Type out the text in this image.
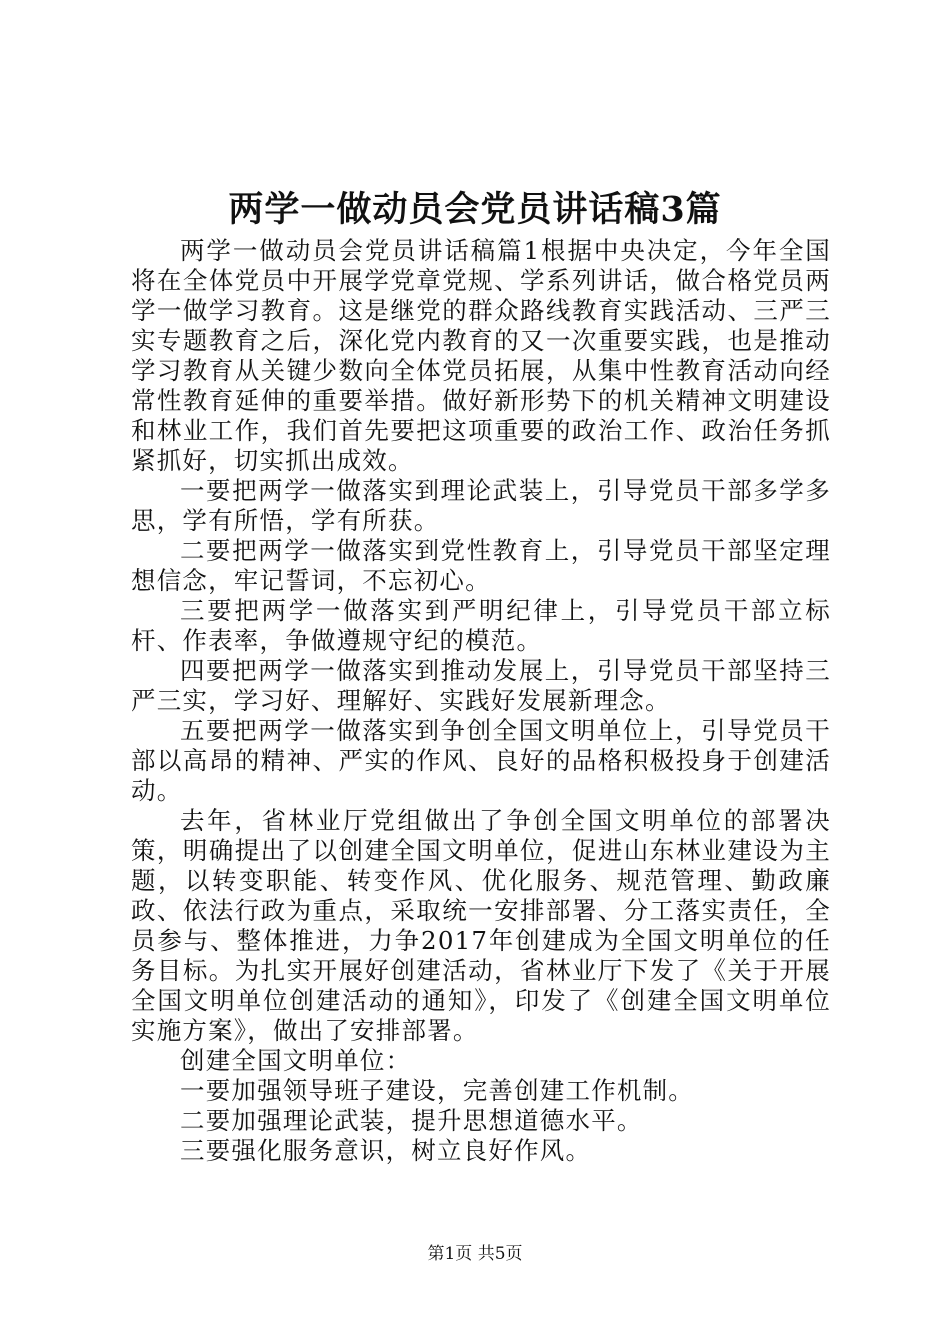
两学一做动员会党员讲话稿3篇

两学一做动员会党员讲话稿篇1根据中央决定，今年全国将在全体党员中开展学党章党规、学系列讲话，做合格党员两学一做学习教育。这是继党的群众路线教育实践活动、三严三实专题教育之后，深化党内教育的又一次重要实践，也是推动学习教育从关键少数向全体党员拓展，从集中性教育活动向经常性教育延伸的重要举措。做好新形势下的机关精神文明建设和林业工作，我们首先要把这项重要的政治工作、政治任务抓紧抓好，切实抓出成效。

一要把两学一做落实到理论武装上，引导党员干部多学多思，学有所悟，学有所获。

二要把两学一做落实到党性教育上，引导党员干部坚定理想信念，牢记誓词，不忘初心。

三要把两学一做落实到严明纪律上，引导党员干部立标杆、作表率，争做遵规守纪的模范。

四要把两学一做落实到推动发展上，引导党员干部坚持三严三实，学习好、理解好、实践好发展新理念。

五要把两学一做落实到争创全国文明单位上，引导党员干部以高昂的精神、严实的作风、良好的品格积极投身于创建活动。

去年，省林业厅党组做出了争创全国文明单位的部署决策，明确提出了以创建全国文明单位，促进山东林业建设为主题，以转变职能、转变作风、优化服务、规范管理、勤政廉政、依法行政为重点，采取统一安排部署、分工落实责任，全员参与、整体推进，力争2017年创建成为全国文明单位的任务目标。为扎实开展好创建活动，省林业厅下发了《关于开展全国文明单位创建活动的通知》，印发了《创建全国文明单位实施方案》，做出了安排部署。

创建全国文明单位：

一要加强领导班子建设，完善创建工作机制。

二要加强理论武装，提升思想道德水平。

三要强化服务意识，树立良好作风。

第1页 共5页
